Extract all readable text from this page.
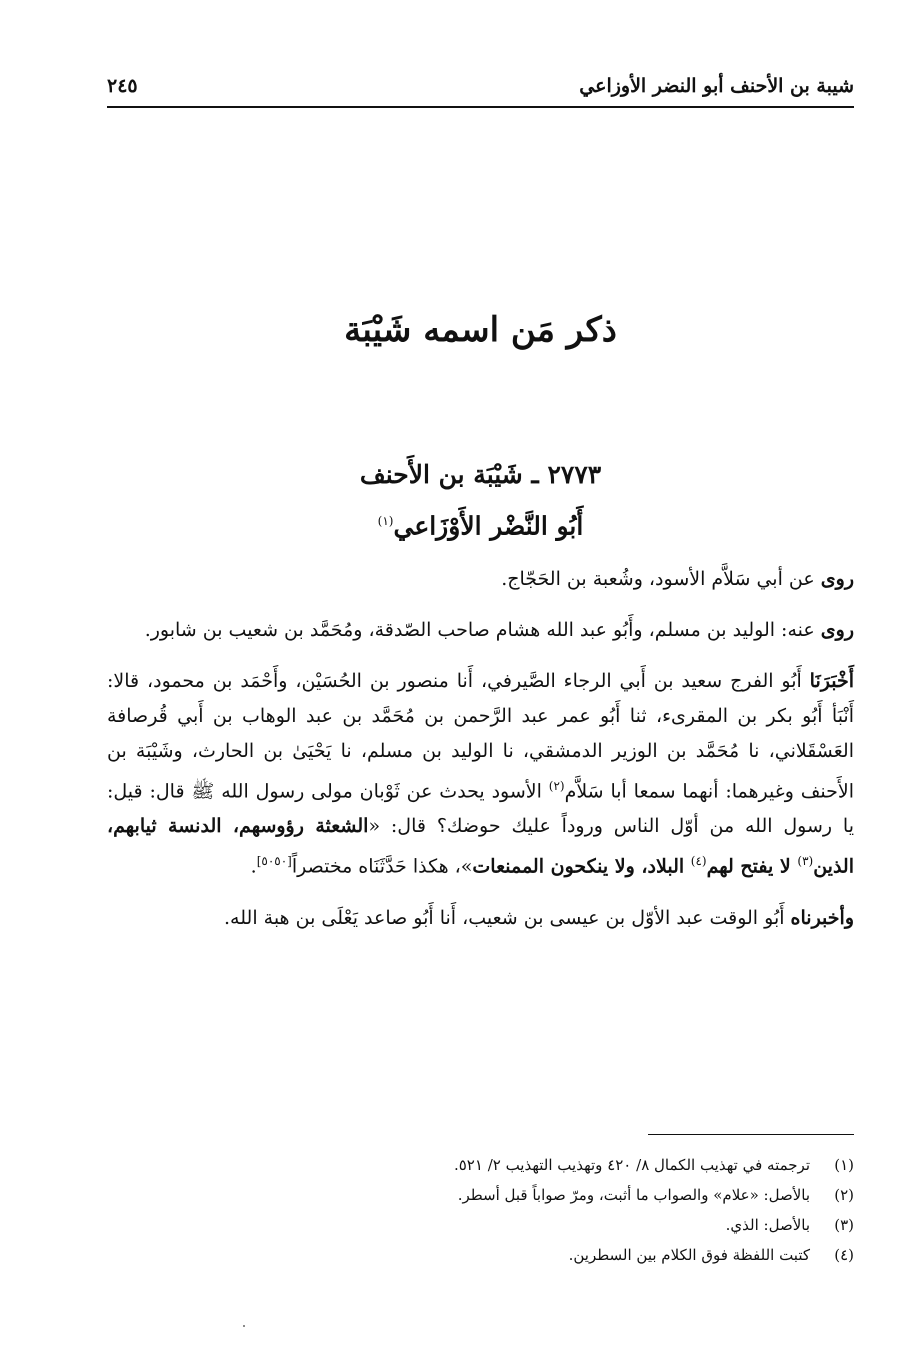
شيبة بن الأحنف أبو النضر الأوزاعي
٢٤٥
ذكر مَن اسمه شَيْبَة
٢٧٧٣ ـ شَيْبَة بن الأَحنف
أَبُو النَّضْر الأَوْزَاعي$^{(١)}$

روى عن أبي سَلاَّم الأسود، وشُعبة بن الحَجّاج.

روى عنه: الوليد بن مسلم، وأَبُو عبد الله هشام صاحب الصّدقة، ومُحَمَّد بن شعيب بن شابور.

أَخْبَرَنَا أَبُو الفرج سعيد بن أَبي الرجاء الصَّيرفي، أَنا منصور بن الحُسَيْن، وأَحْمَد بن محمود، قالا: أَنْبَأ أَبُو بكر بن المقرىء، ثنا أَبُو عمر عبد الرَّحمن بن مُحَمَّد بن عبد الوهاب بن أَبي قُرصافة العَسْقَلاني، نا مُحَمَّد بن الوزير الدمشقي، نا الوليد بن مسلم، نا يَحْيَىٰ بن الحارث، وشَيْبَة بن الأَحنف وغيرهما: أنهما سمعا أبا سَلاَّم$^{(٢)}$ الأسود يحدث عن ثَوْبان مولى رسول الله ﷺ قال: قيل: يا رسول الله من أوّل الناس وروداً عليك حوضك؟ قال: «الشعثة رؤوسهم، الدنسة ثيابهم، الذين$^{(٣)}$ لا يفتح لهم$^{(٤)}$ البلاد، ولا ينكحون الممنعات»، هكذا حَدَّثَنَاه مختصراً[٥٠٥٠].

وأخبرناه أَبُو الوقت عبد الأوّل بن عيسى بن شعيب، أَنا أَبُو صاعد يَعْلَى بن هبة الله.

(١)
ترجمته في تهذيب الكمال ٨/ ٤٢٠ وتهذيب التهذيب ٢/ ٥٢١.
(٢)
بالأصل: «علام» والصواب ما أثبت، ومرّ صواباً قبل أسطر.
(٣)
بالأصل: الذي.
(٤)
كتبت اللفظة فوق الكلام بين السطرين.
